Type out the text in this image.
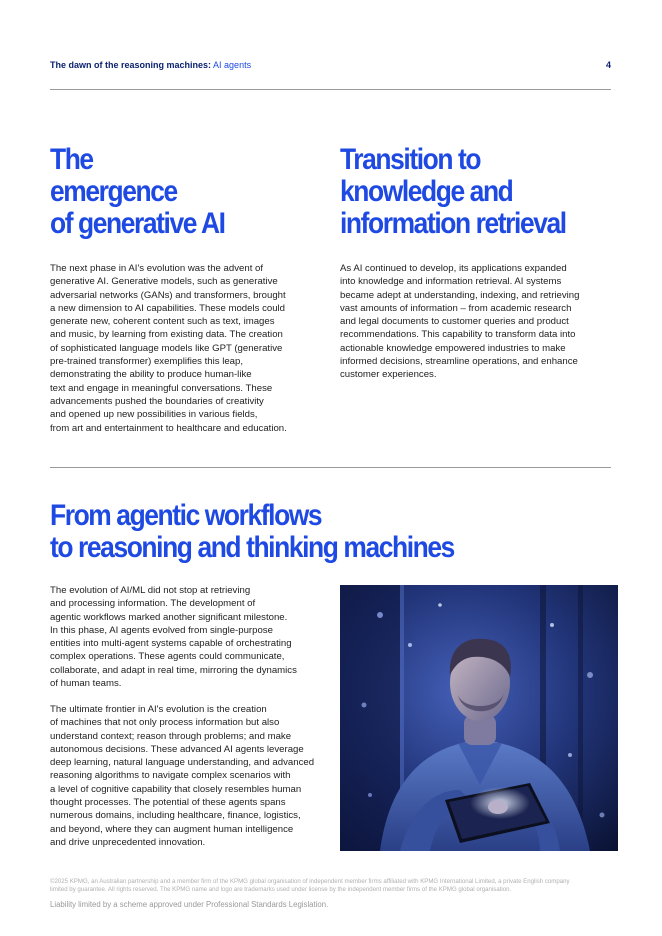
The dawn of the reasoning machines: AI agents	4
The
emergence
of generative AI
The next phase in AI's evolution was the advent of
generative AI. Generative models, such as generative
adversarial networks (GANs) and transformers, brought
a new dimension to AI capabilities. These models could
generate new, coherent content such as text, images
and music, by learning from existing data. The creation
of sophisticated language models like GPT (generative
pre-trained transformer) exemplifies this leap,
demonstrating the ability to produce human-like
text and engage in meaningful conversations. These
advancements pushed the boundaries of creativity
and opened up new possibilities in various fields,
from art and entertainment to healthcare and education.
Transition to
knowledge and
information retrieval
As AI continued to develop, its applications expanded
into knowledge and information retrieval. AI systems
became adept at understanding, indexing, and retrieving
vast amounts of information – from academic research
and legal documents to customer queries and product
recommendations. This capability to transform data into
actionable knowledge empowered industries to make
informed decisions, streamline operations, and enhance
customer experiences.
From agentic workflows
to reasoning and thinking machines
The evolution of AI/ML did not stop at retrieving
and processing information. The development of
agentic workflows marked another significant milestone.
In this phase, AI agents evolved from single-purpose
entities into multi-agent systems capable of orchestrating
complex operations. These agents could communicate,
collaborate, and adapt in real time, mirroring the dynamics
of human teams.
The ultimate frontier in AI's evolution is the creation
of machines that not only process information but also
understand context; reason through problems; and make
autonomous decisions. These advanced AI agents leverage
deep learning, natural language understanding, and advanced
reasoning algorithms to navigate complex scenarios with
a level of cognitive capability that closely resembles human
thought processes. The potential of these agents spans
numerous domains, including healthcare, finance, logistics,
and beyond, where they can augment human intelligence
and drive unprecedented innovation.
©2025 KPMG, an Australian partnership and a member firm of the KPMG global organisation of independent member firms affiliated with KPMG International Limited, a private English company
limited by guarantee. All rights reserved. The KPMG name and logo are trademarks used under license by the independent member firms of the KPMG global organisation.
Liability limited by a scheme approved under Professional Standards Legislation.
